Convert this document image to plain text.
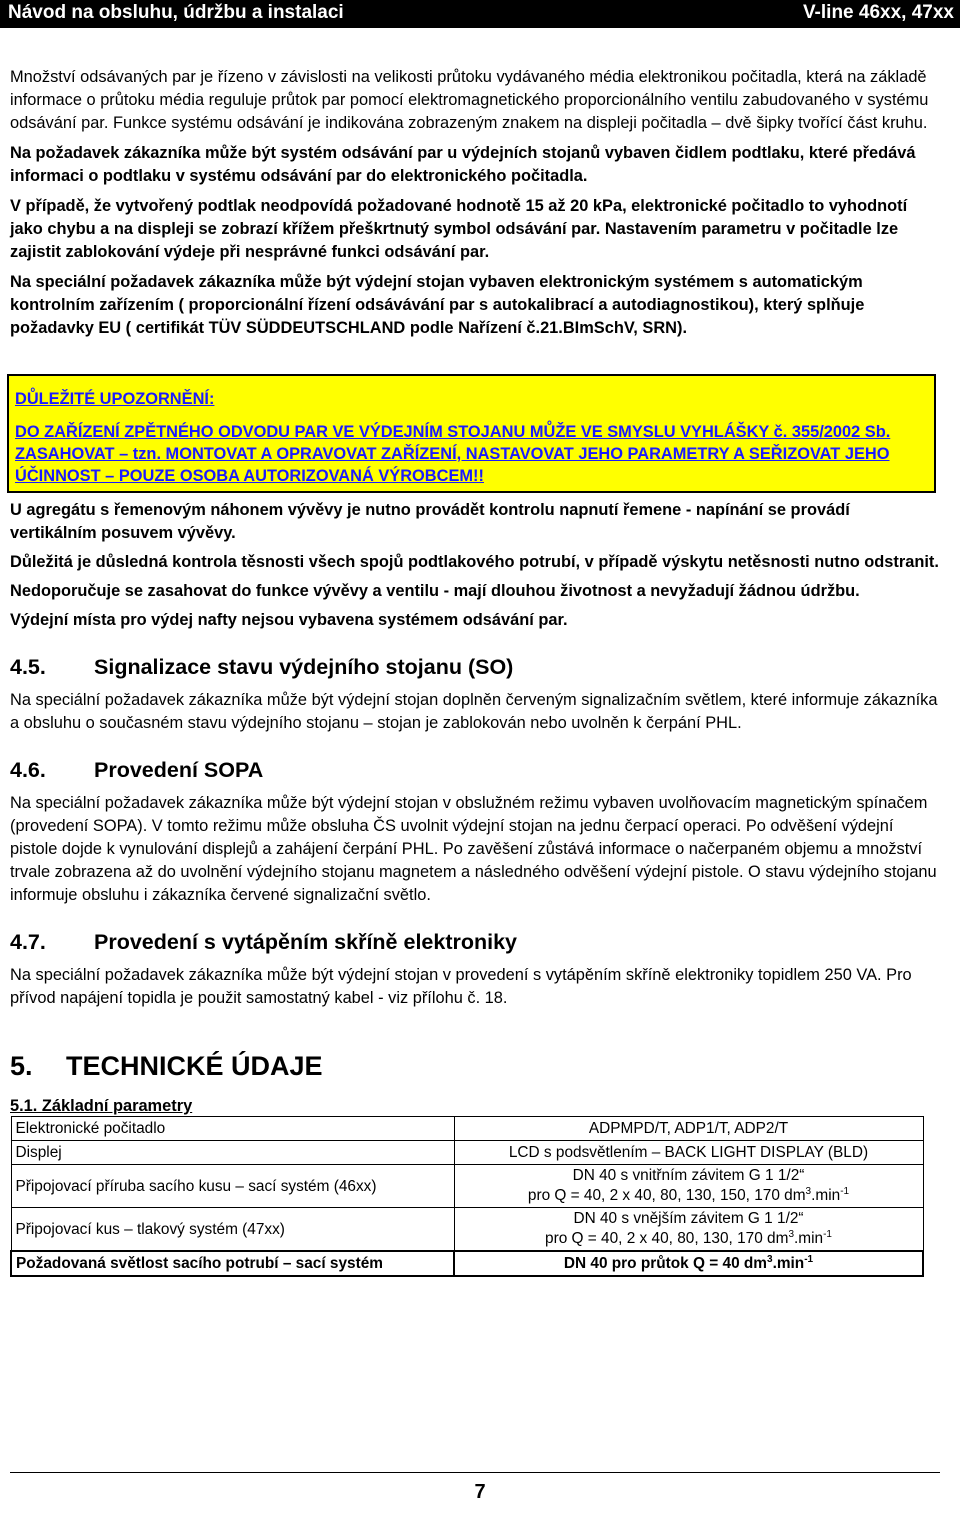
Návod na obsluhu, údržbu a instalaci	V-line 46xx, 47xx

Množství odsávaných par je řízeno v závislosti na velikosti průtoku vydávaného média elektronikou počitadla, která na základě informace o průtoku média reguluje průtok par pomocí elektromagnetického proporcionálního ventilu zabudovaného v systému odsávání par. Funkce systému odsávání je indikována zobrazeným znakem na displeji počitadla – dvě šipky tvořící část kruhu.

Na požadavek zákazníka může být systém odsávání par u výdejních stojanů vybaven čidlem podtlaku, které předává informaci o podtlaku v systému odsávání par do elektronického počitadla.

V případě, že vytvořený podtlak neodpovídá požadované hodnotě 15 až 20 kPa, elektronické počitadlo to vyhodnotí jako chybu a na displeji se zobrazí křížem přeškrtnutý symbol odsávání par. Nastavením parametru v počitadle lze zajistit zablokování výdeje při nesprávné funkci odsávání par.

Na speciální požadavek zákazníka může být výdejní stojan vybaven elektronickým systémem s automatickým kontrolním zařízením ( proporcionální řízení odsávávání par s autokalibrací a autodiagnostikou), který splňuje požadavky EU ( certifikát TÜV SÜDDEUTSCHLAND podle Nařízení č.21.BImSchV, SRN).

DŮLEŽITÉ UPOZORNĚNÍ:
DO ZAŘÍZENÍ ZPĚTNÉHO ODVODU PAR VE VÝDEJNÍM STOJANU MŮŽE VE SMYSLU VYHLÁŠKY č. 355/2002 Sb. ZASAHOVAT – tzn. MONTOVAT A OPRAVOVAT ZAŘÍZENÍ, NASTAVOVAT JEHO PARAMETRY A SEŘIZOVAT JEHO ÚČINNOST – POUZE OSOBA AUTORIZOVANÁ VÝROBCEM!!

U agregátu s řemenovým náhonem vývěvy je nutno provádět kontrolu napnutí řemene - napínání se provádí vertikálním posuvem vývěvy.

Důležitá je důsledná kontrola těsnosti všech spojů podtlakového potrubí, v případě výskytu netěsnosti nutno odstranit.

Nedoporučuje se zasahovat do funkce vývěvy a ventilu - mají dlouhou životnost a nevyžadují žádnou údržbu.

Výdejní místa pro výdej nafty nejsou vybavena systémem odsávání par.

4.5.	Signalizace stavu výdejního stojanu (SO)

Na speciální požadavek zákazníka může být výdejní stojan doplněn červeným signalizačním světlem, které informuje zákazníka a obsluhu o současném stavu výdejního stojanu – stojan je zablokován nebo uvolněn k čerpání PHL.

4.6.	Provedení SOPA

Na speciální požadavek zákazníka může být výdejní stojan v obslužném režimu vybaven uvolňovacím magnetickým spínačem (provedení SOPA). V tomto režimu může obsluha ČS uvolnit výdejní stojan na jednu čerpací operaci. Po odvěšení výdejní pistole dojde k vynulování displejů a zahájení čerpání PHL. Po zavěšení zůstává informace o načerpaném objemu a množství trvale zobrazena až do uvolnění výdejního stojanu magnetem a následného odvěšení výdejní pistole. O stavu výdejního stojanu informuje obsluhu i zákazníka červené signalizační světlo.

4.7.	Provedení s vytápěním skříně elektroniky

Na speciální požadavek zákazníka může být výdejní stojan v provedení s vytápěním skříně elektroniky topidlem 250 VA. Pro přívod napájení topidla je použit samostatný kabel - viz přílohu č. 18.

5.	TECHNICKÉ ÚDAJE
5.1. Základní parametry
Elektronické počitadlo	ADPMPD/T, ADP1/T, ADP2/T
Displej	LCD s podsvětlením – BACK LIGHT DISPLAY (BLD)
Připojovací příruba sacího kusu – sací systém (46xx)	DN 40 s vnitřním závitem G 1 1/2“
pro Q = 40, 2 x 40, 80, 130, 150, 170 $dm^3.\min^{-1}$

Připojovací kus – tlakový systém (47xx)	DN 40 s vnějším závitem G 1 1/2“
pro Q = 40, 2 x 40, 80, 130, 170 $dm^3.\min^{-1}$

Požadovaná světlost sacího potrubí – sací systém	DN 40 pro průtok Q = 40 $dm^3.\min^{-1}$
7
